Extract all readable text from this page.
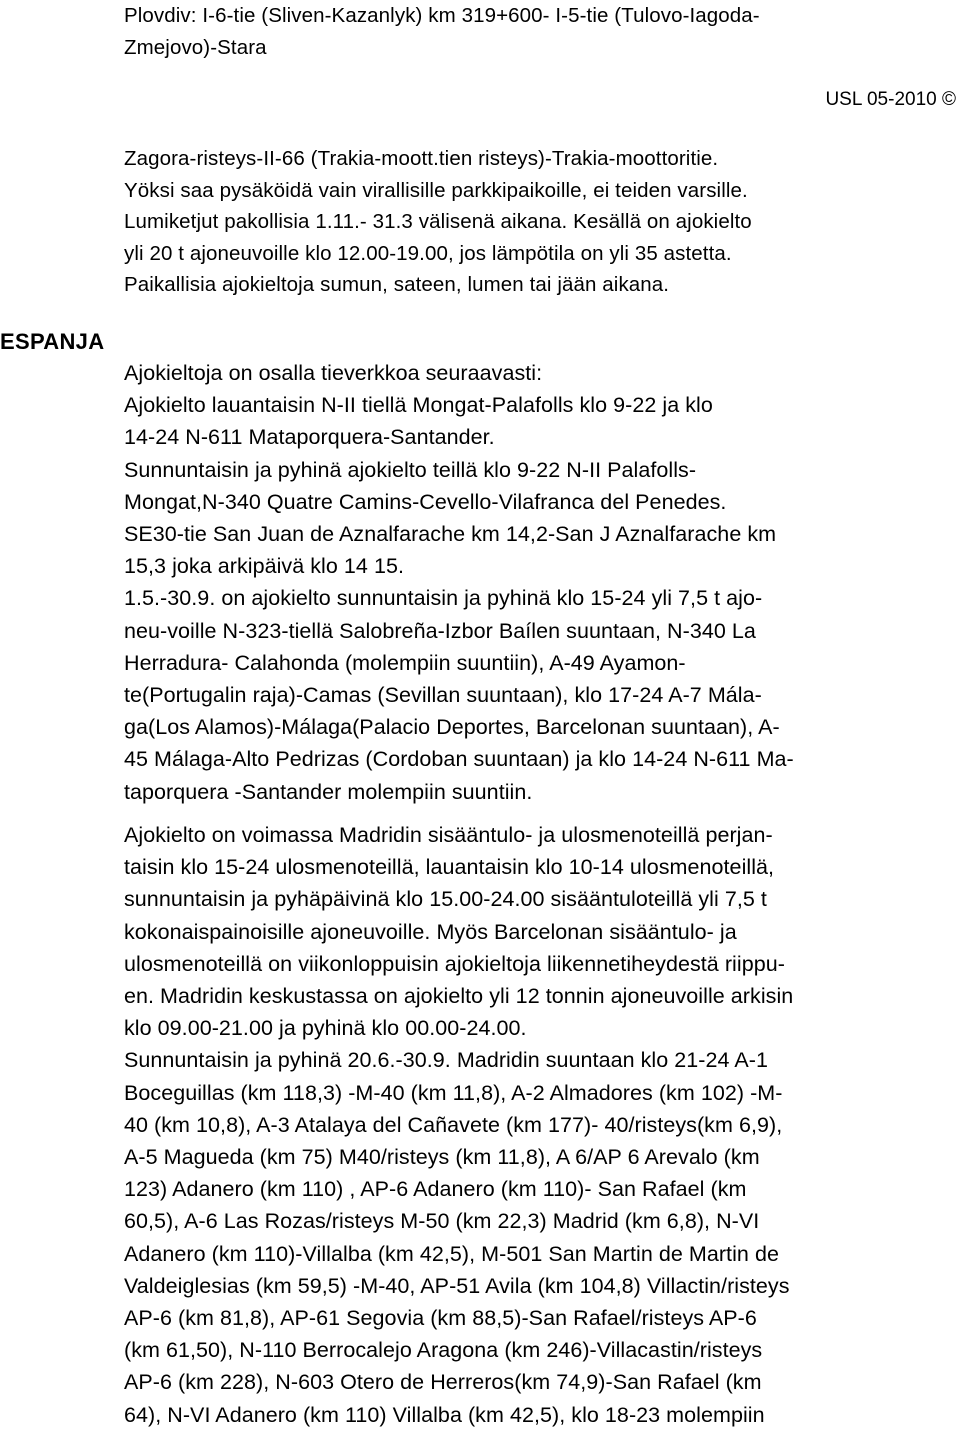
Plovdiv: I-6-tie (Sliven-Kazanlyk) km 319+600- I-5-tie (Tulovo-Iagoda-
Zmejovo)-Stara

USL 05-2010 ©

Zagora-risteys-II-66 (Trakia-moott.tien risteys)-Trakia-moottoritie.
Yöksi saa pysäköidä vain virallisille parkkipaikoille, ei teiden varsille.
Lumiketjut pakollisia 1.11.- 31.3 välisenä aikana. Kesällä on ajokielto
yli 20 t ajoneuvoille klo 12.00-19.00, jos lämpötila on yli 35 astetta.
Paikallisia ajokieltoja sumun, sateen, lumen tai jään aikana.

ESPANJA

Ajokieltoja on osalla tieverkkoa seuraavasti:
Ajokielto lauantaisin N-II tiellä Mongat-Palafolls klo 9-22 ja klo
14-24 N-611 Mataporquera-Santander.
Sunnuntaisin ja pyhinä ajokielto teillä klo 9-22 N-II Palafolls-
Mongat,N-340 Quatre Camins-Cevello-Vilafranca del Penedes.
SE30-tie San Juan de Aznalfarache km 14,2-San J Aznalfarache km
15,3 joka arkipäivä klo 14 15.
1.5.-30.9. on ajokielto sunnuntaisin ja pyhinä klo 15-24 yli 7,5 t ajo-
neu-voille N-323-tiellä Salobreña-Izbor Baílen suuntaan, N-340 La
Herradura- Calahonda (molempiin suuntiin), A-49 Ayamon-
te(Portugalin raja)-Camas (Sevillan suuntaan), klo 17-24 A-7 Mála-
ga(Los Alamos)-Málaga(Palacio Deportes, Barcelonan suuntaan), A-
45 Málaga-Alto Pedrizas (Cordoban suuntaan) ja klo 14-24 N-611 Ma-
taporquera -Santander molempiin suuntiin.

Ajokielto on voimassa Madridin sisääntulo- ja ulosmenoteillä perjan-
taisin klo 15-24 ulosmenoteillä, lauantaisin klo 10-14 ulosmenoteillä,
sunnuntaisin ja pyhäpäivinä klo 15.00-24.00 sisääntuloteillä yli 7,5 t
kokonaispainoisille ajoneuvoille. Myös Barcelonan sisääntulo- ja
ulosmenoteillä on viikonloppuisin ajokieltoja liikennetiheydestä riippu-
en. Madridin keskustassa on ajokielto yli 12 tonnin ajoneuvoille arkisin
klo 09.00-21.00 ja pyhinä klo 00.00-24.00.
Sunnuntaisin ja pyhinä 20.6.-30.9. Madridin suuntaan klo 21-24 A-1
Boceguillas (km 118,3) -M-40 (km 11,8), A-2 Almadores (km 102) -M-
40 (km 10,8), A-3 Atalaya del Cañavete (km 177)- 40/risteys(km 6,9),
A-5 Magueda (km 75) M40/risteys (km 11,8), A 6/AP 6 Arevalo (km
123) Adanero (km 110) , AP-6 Adanero (km 110)- San Rafael (km
60,5), A-6 Las Rozas/risteys M-50 (km 22,3) Madrid (km 6,8), N-VI
Adanero (km 110)-Villalba (km 42,5), M-501 San Martin de Martin de
Valdeiglesias (km 59,5) -M-40, AP-51 Avila (km 104,8) Villactin/risteys
AP-6 (km 81,8), AP-61 Segovia (km 88,5)-San Rafael/risteys AP-6
(km 61,50), N-110 Berrocalejo Aragona (km 246)-Villacastin/risteys
AP-6 (km 228), N-603 Otero de Herreros(km 74,9)-San Rafael (km
64), N-VI Adanero (km 110) Villalba (km 42,5), klo 18-23 molempiin
